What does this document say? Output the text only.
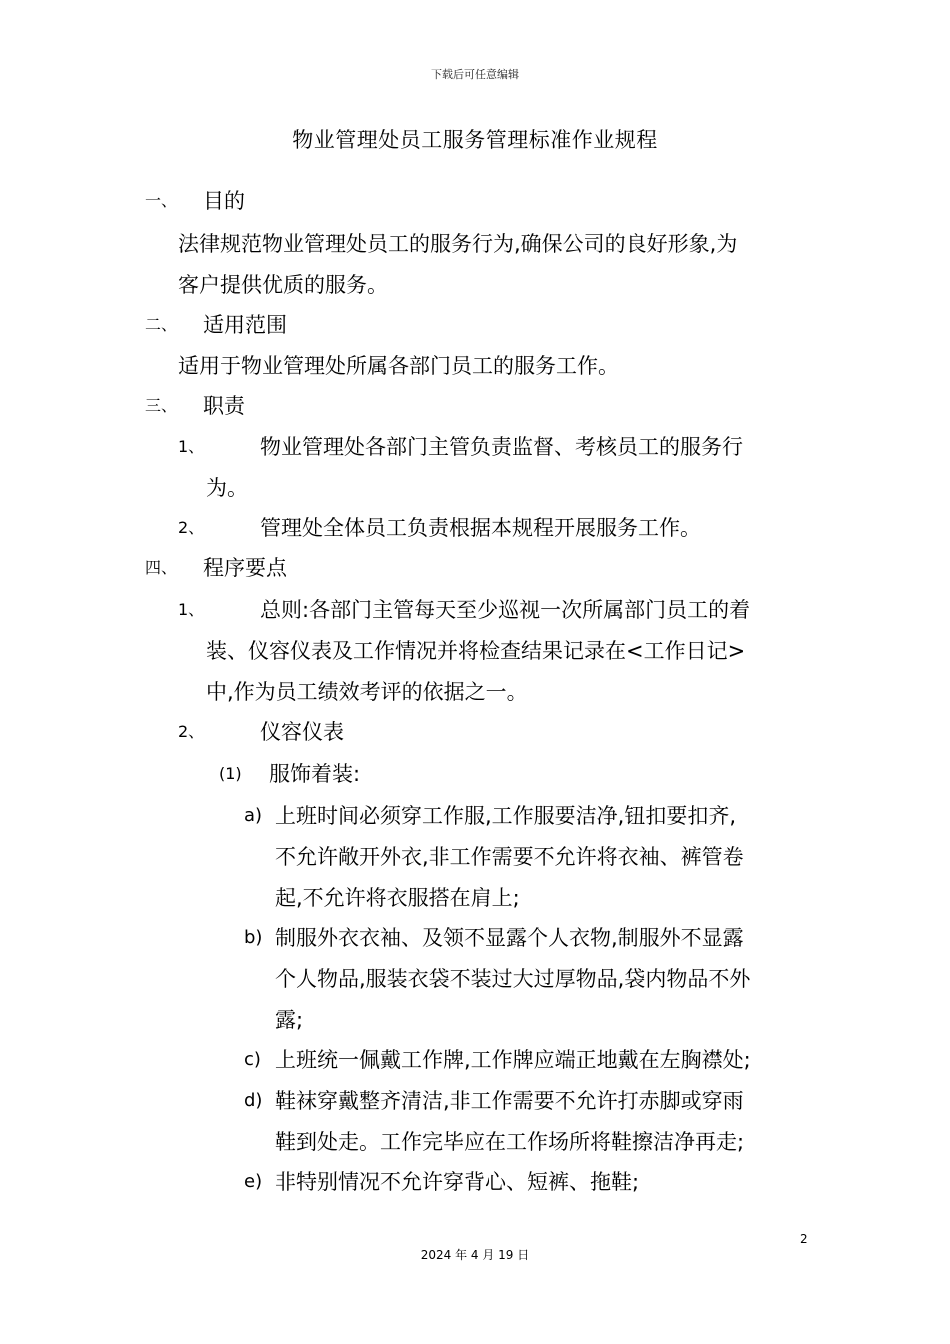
下载后可任意编辑
物业管理处员工服务管理标准作业规程
一、 目的
法律规范物业管理处员工的服务行为,确保公司的良好形象,为
客户提供优质的服务。
二、 适用范围
适用于物业管理处所属各部门员工的服务工作。
三、 职责
1、	物业管理处各部门主管负责监督、考核员工的服务行
为。
2、	管理处全体员工负责根据本规程开展服务工作。
四、 程序要点
1、	总则:各部门主管每天至少巡视一次所属部门员工的着
装、仪容仪表及工作情况并将检查结果记录在<工作日记>
中,作为员工绩效考评的依据之一。
2、	仪容仪表
(1) 服饰着装:
a) 上班时间必须穿工作服,工作服要洁净,钮扣要扣齐,
不允许敞开外衣,非工作需要不允许将衣袖、裤管卷
起,不允许将衣服搭在肩上;
b) 制服外衣衣袖、及领不显露个人衣物,制服外不显露
个人物品,服装衣袋不装过大过厚物品,袋内物品不外
露;
c) 上班统一佩戴工作牌,工作牌应端正地戴在左胸襟处;
d) 鞋袜穿戴整齐清洁,非工作需要不允许打赤脚或穿雨
鞋到处走。工作完毕应在工作场所将鞋擦洁净再走;
e) 非特别情况不允许穿背心、短裤、拖鞋;
2
2024 年 4 月 19 日
